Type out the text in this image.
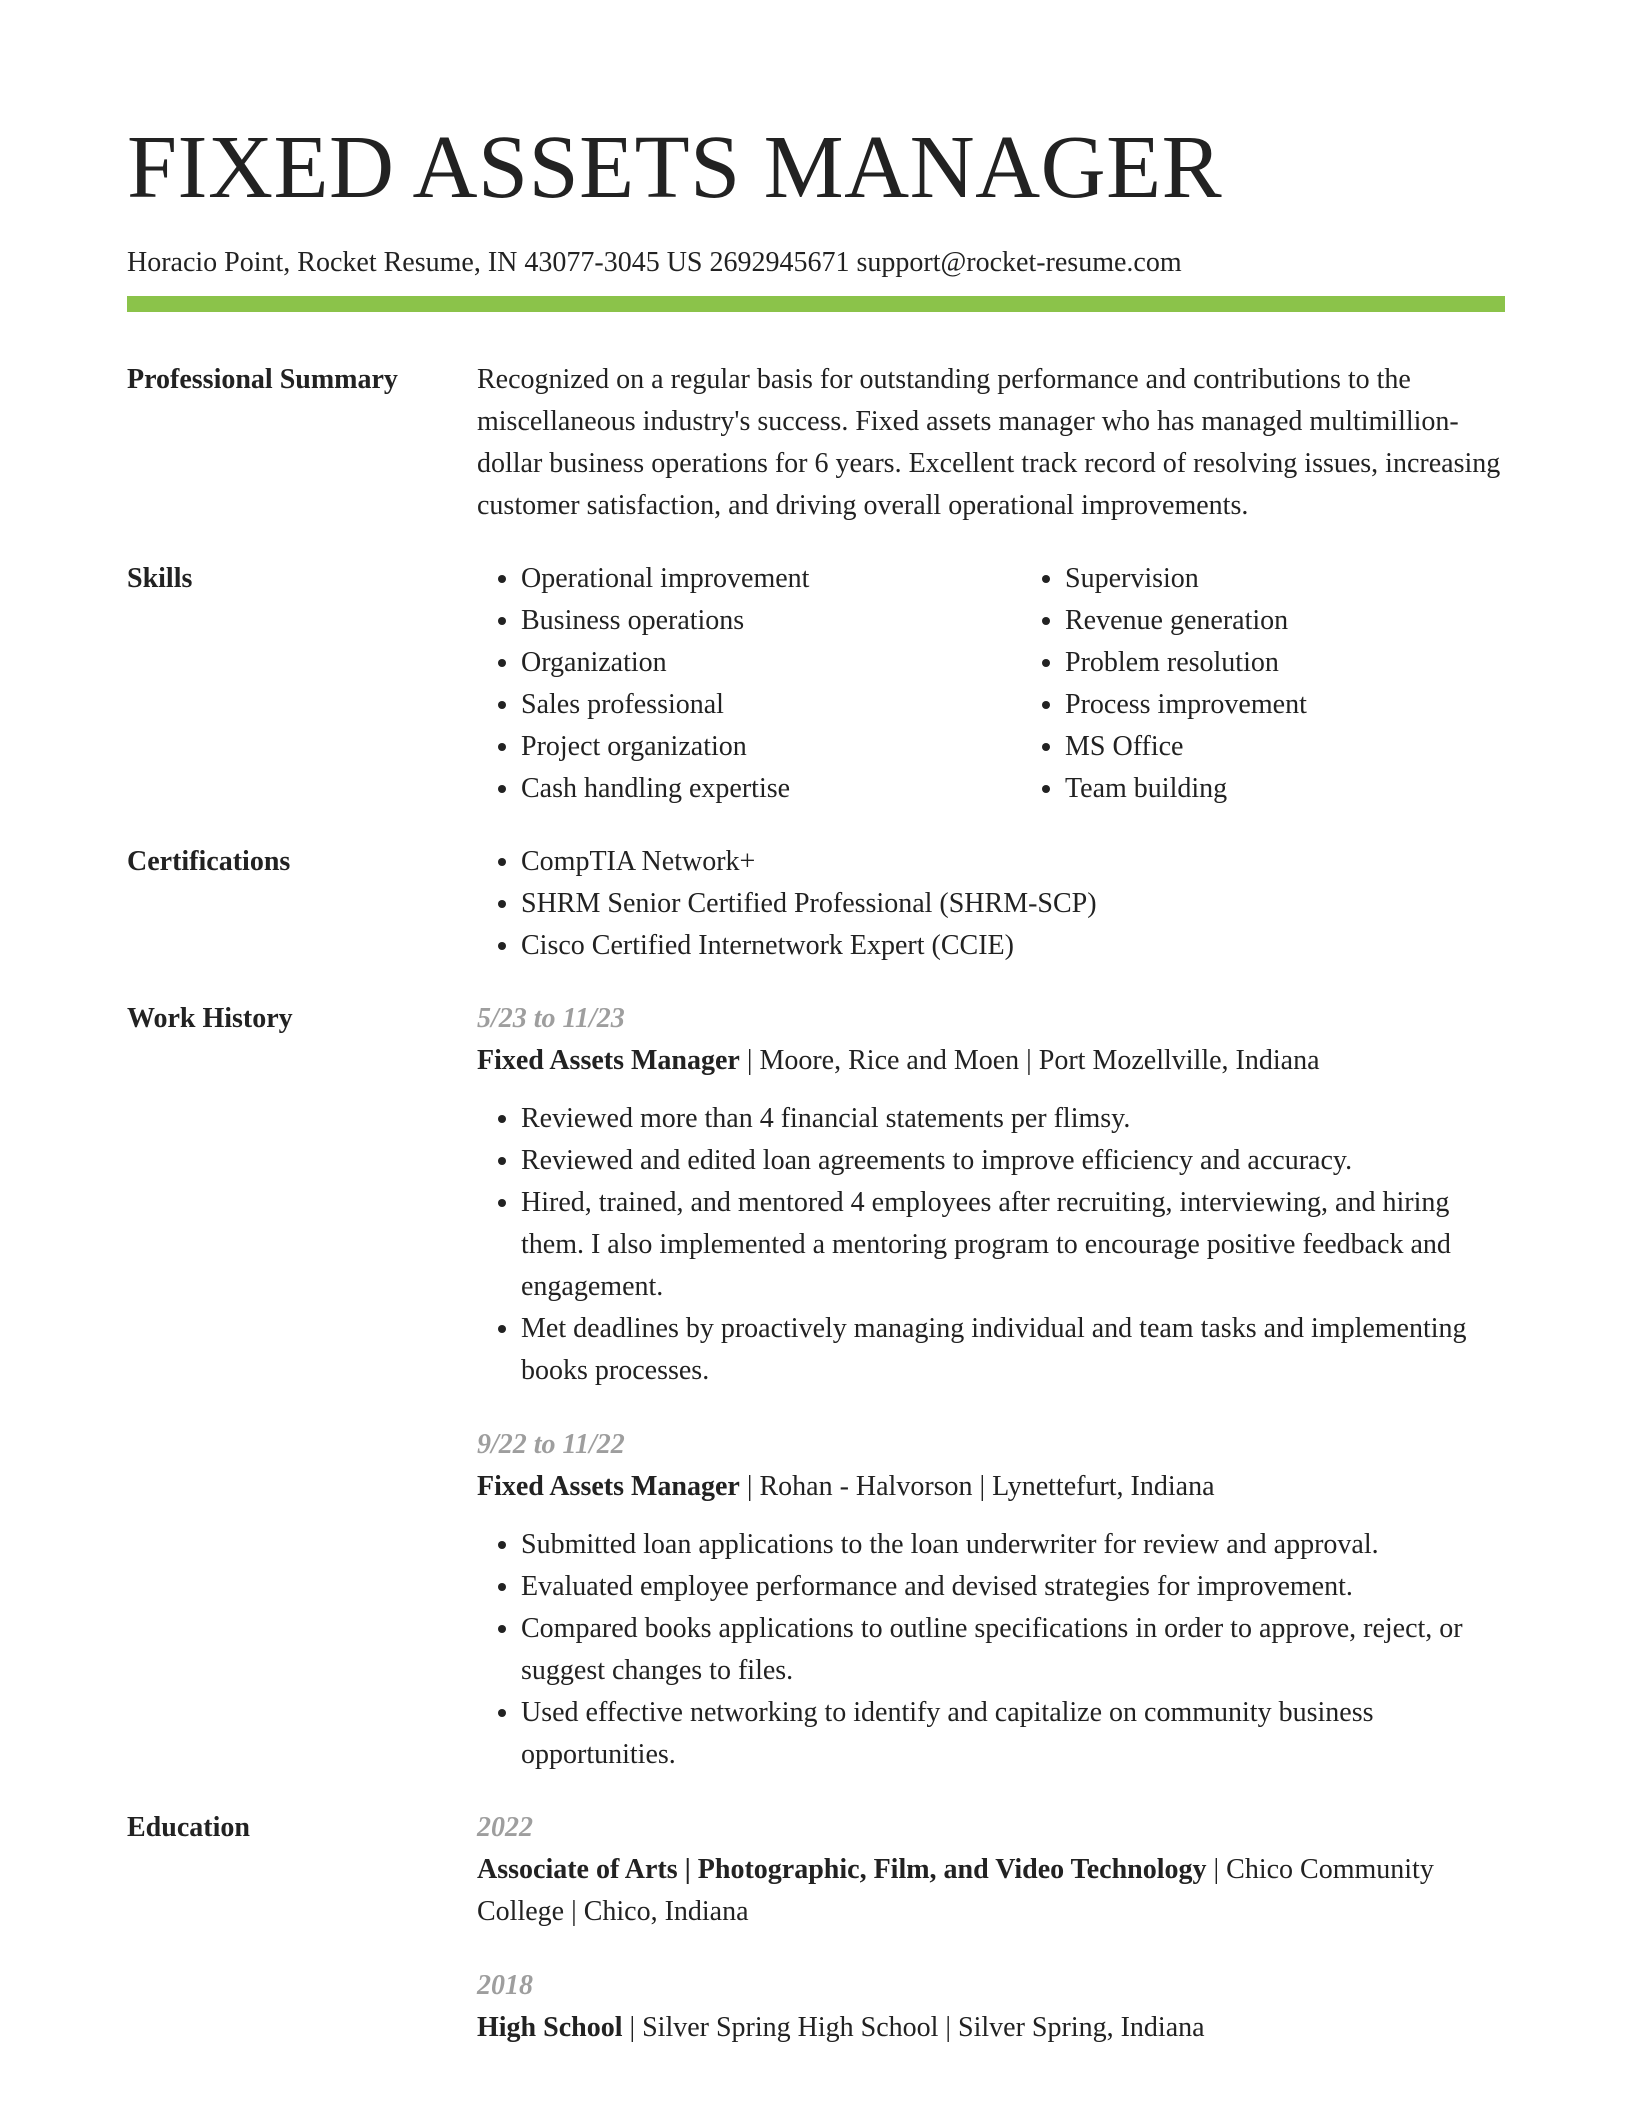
FIXED ASSETS MANAGER
Horacio Point, Rocket Resume, IN 43077-3045 US 2692945671 support@rocket-resume.com
Professional Summary	Recognized on a regular basis for outstanding performance and contributions to the miscellaneous industry's success. Fixed assets manager who has managed multimillion-dollar business operations for 6 years. Excellent track record of resolving issues, increasing customer satisfaction, and driving overall operational improvements.

Skills	• Operational improvement
• Business operations
• Organization
• Sales professional
• Project organization
• Cash handling expertise
• Supervision
• Revenue generation
• Problem resolution
• Process improvement
• MS Office
• Team building
Certifications	• CompTIA Network+
• SHRM Senior Certified Professional (SHRM-SCP)
• Cisco Certified Internetwork Expert (CCIE)
Work History	5/23 to 11/23

Fixed Assets Manager | Moore, Rice and Moen | Port Mozellville, Indiana

• Reviewed more than 4 financial statements per flimsy.
• Reviewed and edited loan agreements to improve efficiency and accuracy.
• Hired, trained, and mentored 4 employees after recruiting, interviewing, and hiring them. I also implemented a mentoring program to encourage positive feedback and engagement.
• Met deadlines by proactively managing individual and team tasks and implementing books processes.
9/22 to 11/22

Fixed Assets Manager | Rohan - Halvorson | Lynettefurt, Indiana

• Submitted loan applications to the loan underwriter for review and approval.
• Evaluated employee performance and devised strategies for improvement.
• Compared books applications to outline specifications in order to approve, reject, or suggest changes to files.
• Used effective networking to identify and capitalize on community business opportunities.
Education	2022

Associate of Arts | Photographic, Film, and Video Technology | Chico Community College | Chico, Indiana

2018

High School | Silver Spring High School | Silver Spring, Indiana
